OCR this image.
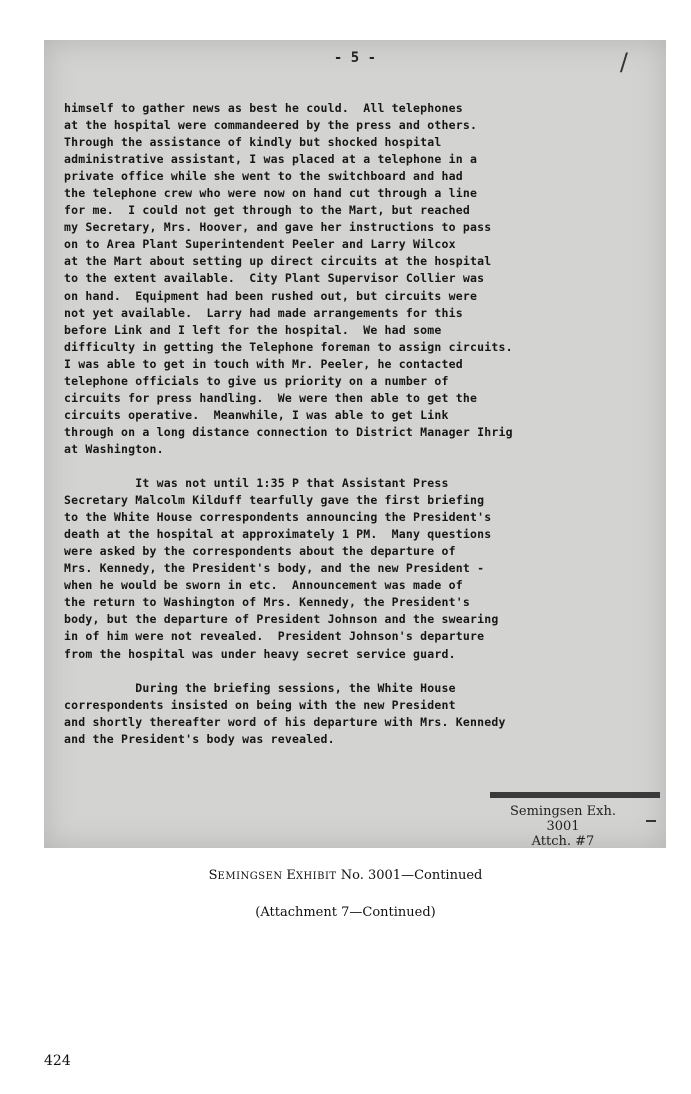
- 5 -	/
himself to gather news as best he could.  All telephones
at the hospital were commandeered by the press and others.
Through the assistance of kindly but shocked hospital
administrative assistant, I was placed at a telephone in a
private office while she went to the switchboard and had
the telephone crew who were now on hand cut through a line
for me.  I could not get through to the Mart, but reached
my Secretary, Mrs. Hoover, and gave her instructions to pass
on to Area Plant Superintendent Peeler and Larry Wilcox
at the Mart about setting up direct circuits at the hospital
to the extent available.  City Plant Supervisor Collier was
on hand.  Equipment had been rushed out, but circuits were
not yet available.  Larry had made arrangements for this
before Link and I left for the hospital.  We had some
difficulty in getting the Telephone foreman to assign circuits.
I was able to get in touch with Mr. Peeler, he contacted
telephone officials to give us priority on a number of
circuits for press handling.  We were then able to get the
circuits operative.  Meanwhile, I was able to get Link
through on a long distance connection to District Manager Ihrig
at Washington.
It was not until 1:35 P that Assistant Press
Secretary Malcolm Kilduff tearfully gave the first briefing
to the White House correspondents announcing the President's
death at the hospital at approximately 1 PM.  Many questions
were asked by the correspondents about the departure of
Mrs. Kennedy, the President's body, and the new President -
when he would be sworn in etc.  Announcement was made of
the return to Washington of Mrs. Kennedy, the President's
body, but the departure of President Johnson and the swearing
in of him were not revealed.  President Johnson's departure
from the hospital was under heavy secret service guard.
During the briefing sessions, the White House
correspondents insisted on being with the new President
and shortly thereafter word of his departure with Mrs. Kennedy
and the President's body was revealed.
Semingsen Exh.
3001
Attch. #7
SEMINGSEN EXHIBIT No. 3001—Continued
(Attachment 7—Continued)
424
